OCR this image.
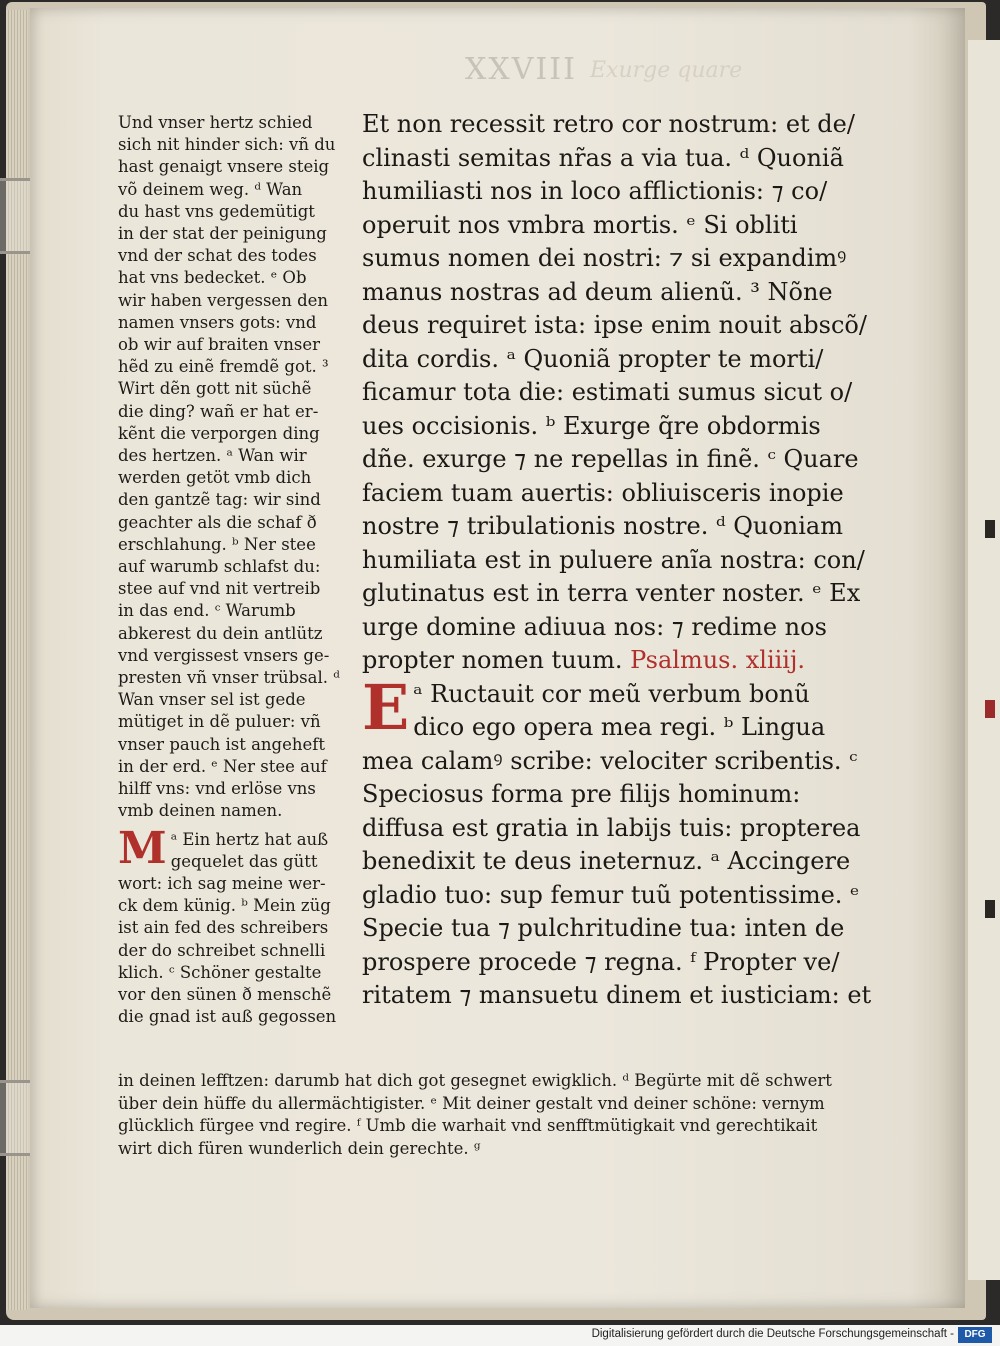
XXVIII Exurge quare
Und vnser hertz schied
sich nit hinder sich: vñ du
hast genaigt vnsere steig
võ deinem weg. ᵈ Wan
du hast vns gedemütigt
in der stat der peinigung
vnd der schat des todes
hat vns bedecket. ᵉ Ob
wir haben vergessen den
namen vnsers gots: vnd
ob wir auf braiten vnser
hẽd zu einẽ fremdẽ got. ³
Wirt dẽn gott nit süchẽ
die ding? wañ er hat er-
kẽnt die verporgen ding
des hertzen. ᵃ Wan wir
werden getöt vmb dich
den gantzẽ tag: wir sind
geachter als die schaf ð
erschlahung. ᵇ Ner stee
auf warumb schlafst du:
stee auf vnd nit vertreib
in das end. ᶜ Warumb
abkerest du dein antlütz
vnd vergissest vnsers ge-
presten vñ vnser trübsal. ᵈ
Wan vnser sel ist gede
mütiget in dẽ puluer: vñ
vnser pauch ist angeheft
in der erd. ᵉ Ner stee auf
hilff vns: vnd erlöse vns
vmb deinen namen.
M ᵃ Ein hertz hat auß
gequelet das gütt
wort: ich sag meine wer-
ck dem künig. ᵇ Mein züg
ist ain fed des schreibers
der do schreibet schnelli
klich. ᶜ Schöner gestalte
vor den sünen ð menschẽ
die gnad ist auß gegossen
Et non recessit retro cor nostrum: et de/
clinasti semitas nr̃as a via tua. ᵈ Quoniã
humiliasti nos in loco afflictionis: ⁊ co/
operuit nos vmbra mortis. ᵉ Si obliti
sumus nomen dei nostri: ⁊ si expandimꝰ
manus nostras ad deum alienũ. ³ Nõne
deus requiret ista: ipse enim nouit abscõ/
dita cordis. ᵃ Quoniã propter te morti/
ficamur tota die: estimati sumus sicut o/
ues occisionis. ᵇ Exurge q̃re obdormis
dñe. exurge ⁊ ne repellas in finẽ. ᶜ Quare
faciem tuam auertis: obliuisceris inopie
nostre ⁊ tribulationis nostre. ᵈ Quoniam
humiliata est in puluere anĩa nostra: con/
glutinatus est in terra venter noster. ᵉ Ex
urge domine adiuua nos: ⁊ redime nos
propter nomen tuum. Psalmus. xliiij.
E ᵃ Ructauit cor meũ verbum bonũ
dico ego opera mea regi. ᵇ Lingua
mea calamꝰ scribe: velociter scribentis. ᶜ
Speciosus forma pre filijs hominum:
diffusa est gratia in labijs tuis: propterea
benedixit te deus ineternuz. ᵃ Accingere
gladio tuo: sup femur tuũ potentissime. ᵉ
Specie tua ⁊ pulchritudine tua: inten de
prospere procede ⁊ regna. ᶠ Propter ve/
ritatem ⁊ mansuetu dinem et iusticiam: et
in deinen lefftzen: darumb hat dich got gesegnet ewigklich. ᵈ Begürte mit dẽ schwert
über dein hüffe du allermächtigister. ᵉ Mit deiner gestalt vnd deiner schöne: vernym
glücklich fürgee vnd regire. ᶠ Umb die warhait vnd senfftmütigkait vnd gerechtikait
wirt dich füren wunderlich dein gerechte. ᵍ
Digitalisierung gefördert durch die Deutsche Forschungsgemeinschaft -	DFG
